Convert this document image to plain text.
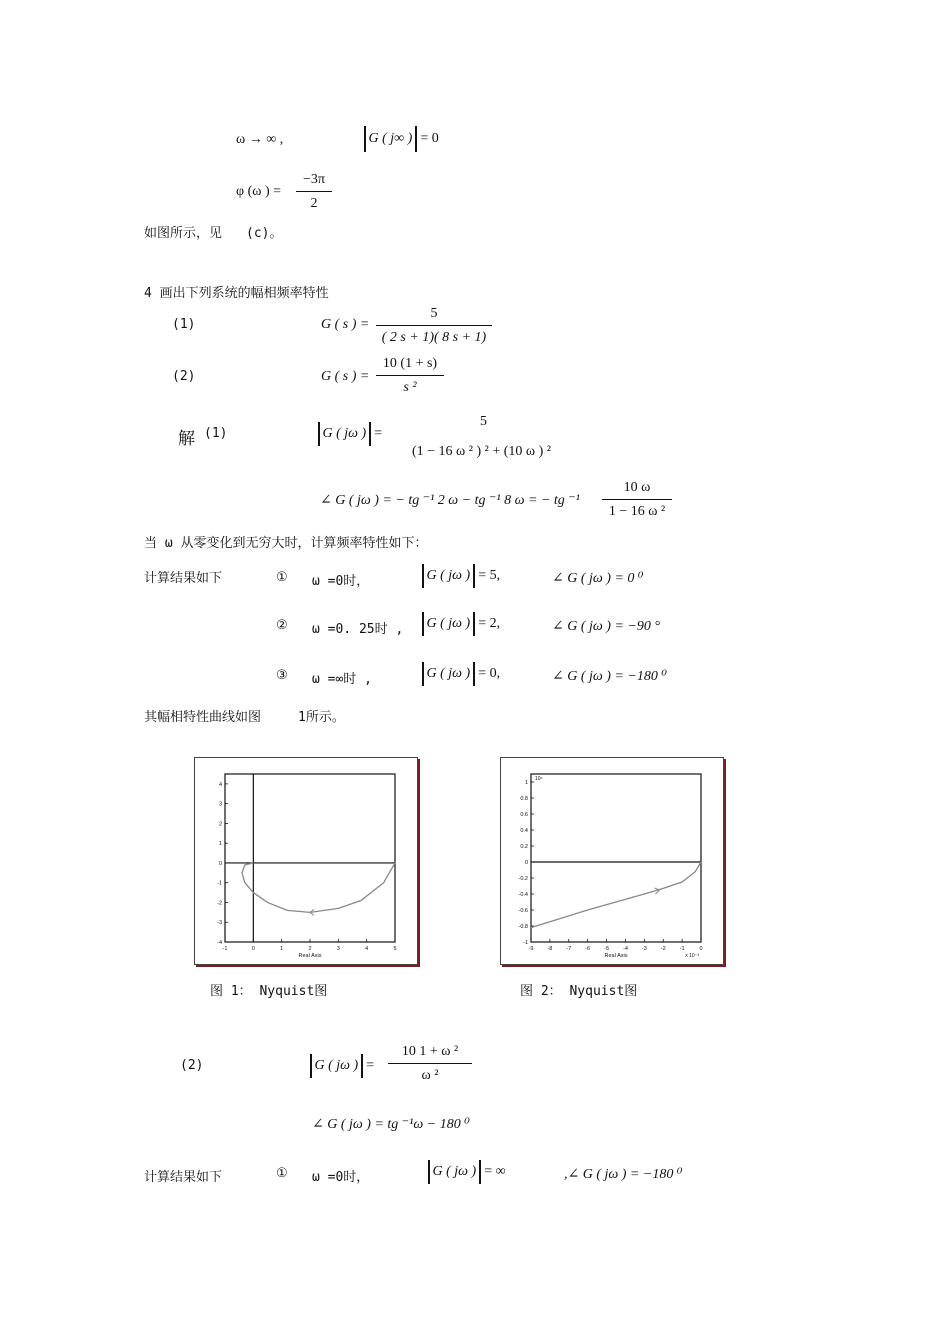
ω → ∞ ,	G ( j∞ ) = 0
φ (ω ) = $\frac{-3\pi}{2}$
如图所示，见 (c)。
4 画出下列系统的幅相频率特性
(1)	G ( s ) = $\frac{5}{( 2 s + 1)( 8 s + 1)}$
(2)	G ( s ) = $\frac{10 (1 + s)}{\text{s ²}}$
解 (1)	G ( jω ) =
5
(1 − 16 ω ² ) ² + (10 ω ) ²
∠ G ( jω ) = − tg ⁻¹ 2 ω − tg ⁻¹ 8 ω = − tg $^{-1} \frac{10 \omega}{\text{1 − 16 ω ²}}$
当 ω 从零变化到无穷大时，计算频率特性如下：
计算结果如下	① ω =0时，	G ( jω ) = 5,	∠ G ( jω ) = 0 ⁰
② ω =0. 25时 ,	G ( jω ) = 2,	∠ G ( jω ) = −90 °
③ ω =∞时 ,	G ( jω ) = 0,	∠ G ( jω ) = −180 ⁰
其幅相特性曲线如图	1所示。
-1	0	1	2	3	4	5
4
3
2
1
0
-1
-2
-3
-4
Real Axis
-9	-8	-7	-6	-5	-4	-3	-2	-1	0
1
0.8
0.6
0.4
0.2
0
-0.2
-0.4
-0.6
-0.8
-1
Real Axis
10⁴
x 10⁻³
图 1： Nyquist图	图 2： Nyquist图
(2)	G ( jω ) = $\frac{\text{10 1 + ω ²}}{\text{ω ²}}$
∠ G ( jω ) = tg ⁻¹ω − 180 ⁰
计算结果如下	① ω =0时，	G ( jω ) = ∞	,∠ G ( jω ) = −180 ⁰
